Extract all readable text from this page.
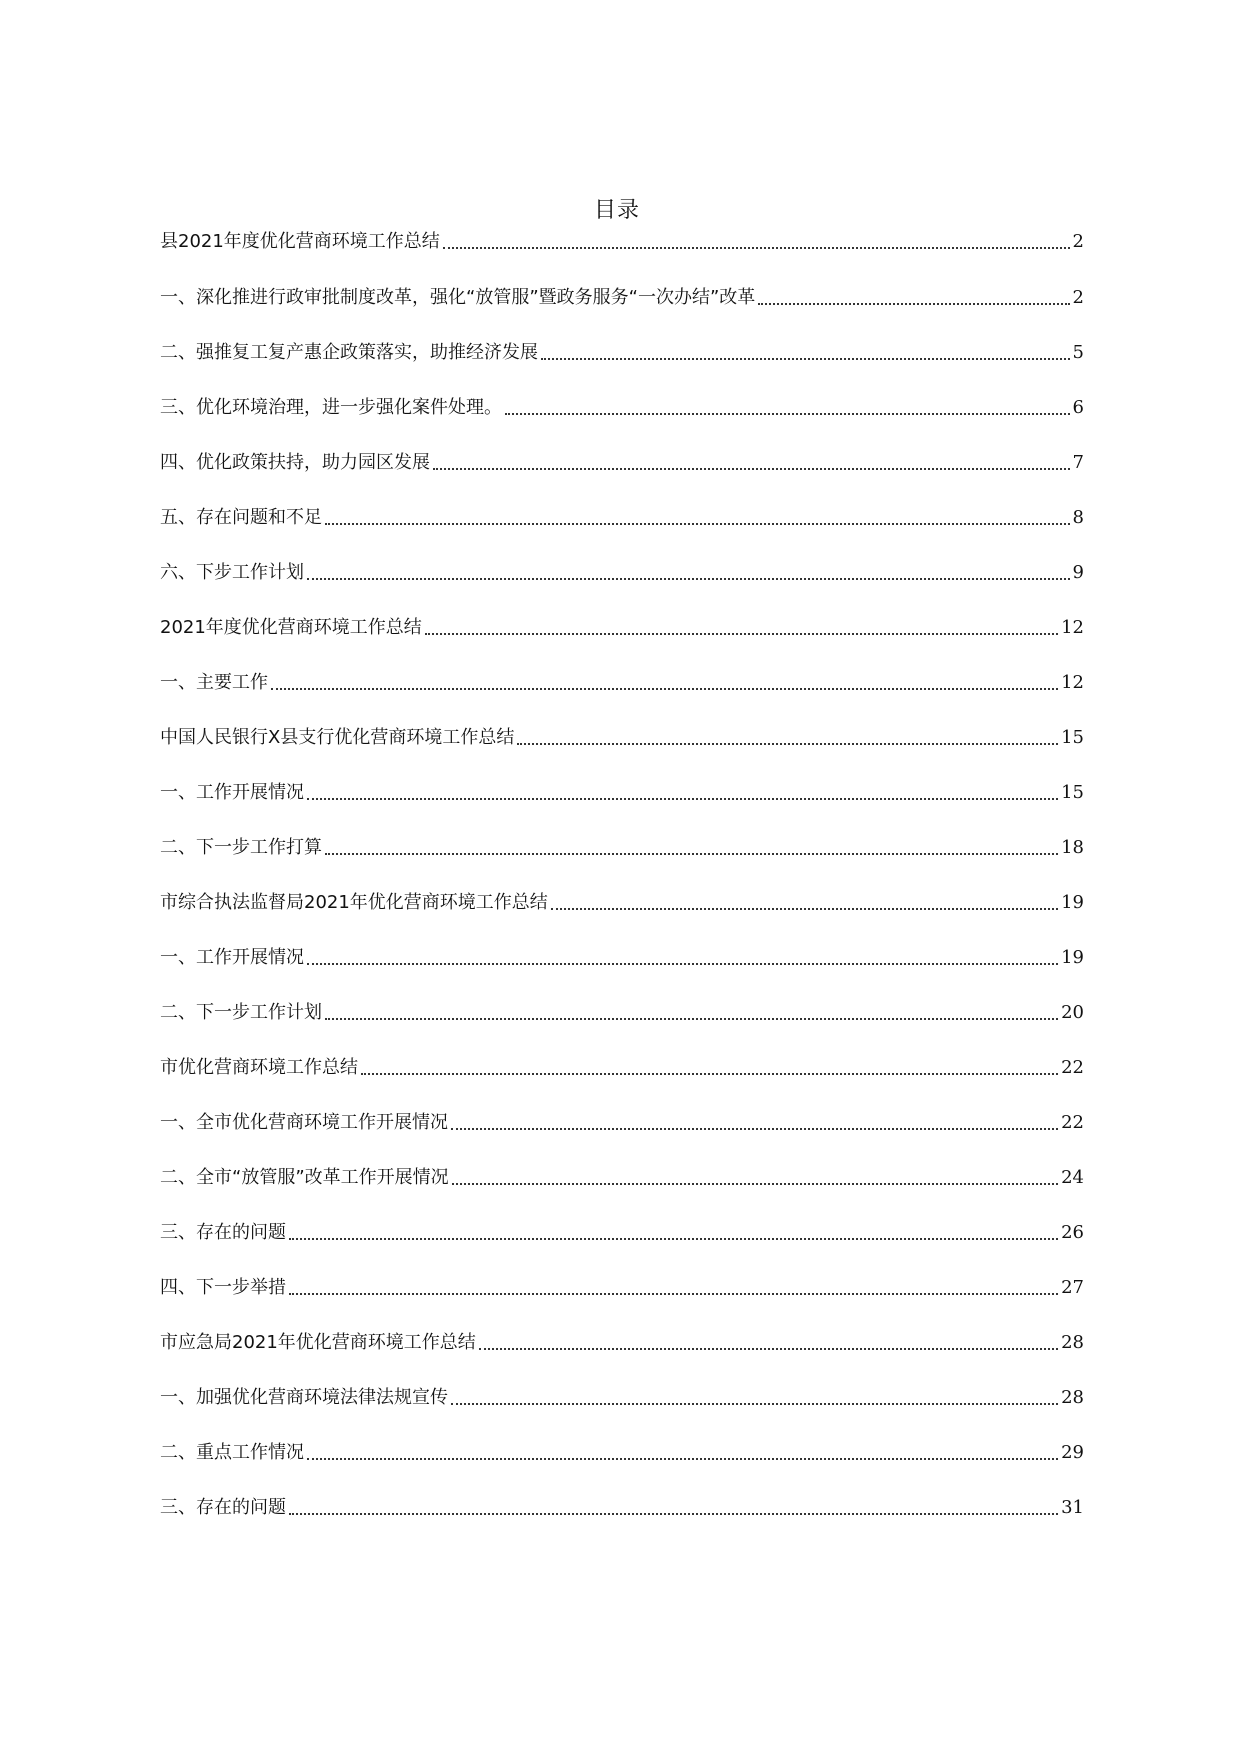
目录
县2021年度优化营商环境工作总结	2
一、深化推进行政审批制度改革，强化“放管服”暨政务服务“一次办结”改革	2
二、强推复工复产惠企政策落实，助推经济发展	5
三、优化环境治理，进一步强化案件处理。	6
四、优化政策扶持，助力园区发展	7
五、存在问题和不足	8
六、下步工作计划	9
2021年度优化营商环境工作总结	12
一、主要工作	12
中国人民银行X县支行优化营商环境工作总结	15
一、工作开展情况	15
二、下一步工作打算	18
市综合执法监督局2021年优化营商环境工作总结	19
一、工作开展情况	19
二、下一步工作计划	20
市优化营商环境工作总结	22
一、全市优化营商环境工作开展情况	22
二、全市“放管服”改革工作开展情况	24
三、存在的问题	26
四、下一步举措	27
市应急局2021年优化营商环境工作总结	28
一、加强优化营商环境法律法规宣传	28
二、重点工作情况	29
三、存在的问题	31
